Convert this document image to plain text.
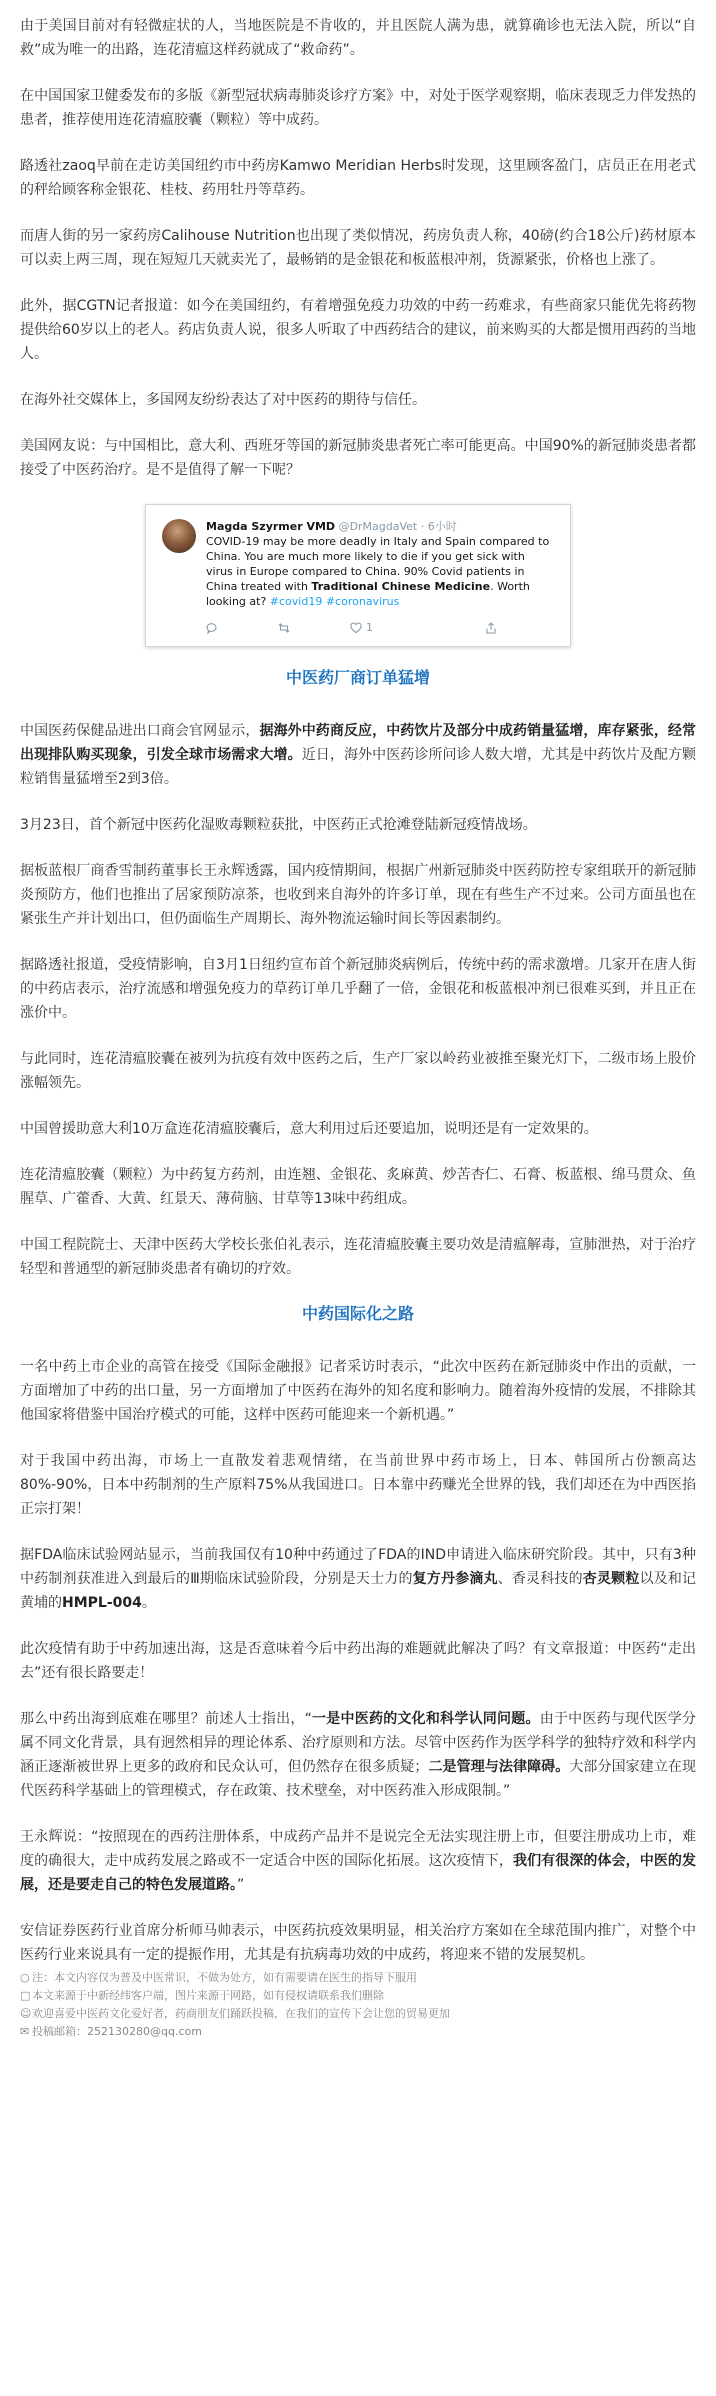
由于美国目前对有轻微症状的人，当地医院是不肯收的，并且医院人满为患，就算确诊也无法入院，所以“自救”成为唯一的出路，连花清瘟这样药就成了“救命药”。

在中国国家卫健委发布的多版《新型冠状病毒肺炎诊疗方案》中，对处于医学观察期，临床表现乏力伴发热的患者，推荐使用连花清瘟胶囊（颗粒）等中成药。

路透社zaoq早前在走访美国纽约市中药房Kamwo Meridian Herbs时发现，这里顾客盈门，店员正在用老式的秤给顾客称金银花、桂枝、药用牡丹等草药。

而唐人街的另一家药房Calihouse Nutrition也出现了类似情况，药房负责人称，40磅(约合18公斤)药材原本可以卖上两三周，现在短短几天就卖光了，最畅销的是金银花和板蓝根冲剂，货源紧张，价格也上涨了。

此外，据CGTN记者报道：如今在美国纽约，有着增强免疫力功效的中药一药难求，有些商家只能优先将药物提供给60岁以上的老人。药店负责人说，很多人听取了中西药结合的建议，前来购买的大都是惯用西药的当地人。

在海外社交媒体上，多国网友纷纷表达了对中医药的期待与信任。

美国网友说：与中国相比，意大利、西班牙等国的新冠肺炎患者死亡率可能更高。中国90%的新冠肺炎患者都接受了中医药治疗。是不是值得了解一下呢？

Magda Szyrmer VMD @DrMagdaVet · 6小时
COVID-19 may be more deadly in Italy and Spain compared to China. You are much more likely to die if you get sick with virus in Europe compared to China. 90% Covid patients in China treated with Traditional Chinese Medicine. Worth looking at? #covid19 #coronavirus
1
中医药厂商订单猛增

中国医药保健品进出口商会官网显示，据海外中药商反应，中药饮片及部分中成药销量猛增，库存紧张，经常出现排队购买现象，引发全球市场需求大增。近日，海外中医药诊所问诊人数大增，尤其是中药饮片及配方颗粒销售量猛增至2到3倍。

3月23日，首个新冠中医药化湿败毒颗粒获批，中医药正式抢滩登陆新冠疫情战场。

据板蓝根厂商香雪制药董事长王永辉透露，国内疫情期间，根据广州新冠肺炎中医药防控专家组联开的新冠肺炎预防方，他们也推出了居家预防凉茶，也收到来自海外的许多订单，现在有些生产不过来。公司方面虽也在紧张生产并计划出口，但仍面临生产周期长、海外物流运输时间长等因素制约。

据路透社报道，受疫情影响，自3月1日纽约宣布首个新冠肺炎病例后，传统中药的需求激增。几家开在唐人街的中药店表示，治疗流感和增强免疫力的草药订单几乎翻了一倍，金银花和板蓝根冲剂已很难买到，并且正在涨价中。

与此同时，连花清瘟胶囊在被列为抗疫有效中医药之后，生产厂家以岭药业被推至聚光灯下，二级市场上股价涨幅领先。

中国曾援助意大利10万盒连花清瘟胶囊后，意大利用过后还要追加，说明还是有一定效果的。

连花清瘟胶囊（颗粒）为中药复方药剂，由连翘、金银花、炙麻黄、炒苦杏仁、石膏、板蓝根、绵马贯众、鱼腥草、广藿香、大黄、红景天、薄荷脑、甘草等13味中药组成。

中国工程院院士、天津中医药大学校长张伯礼表示，连花清瘟胶囊主要功效是清瘟解毒，宣肺泄热，对于治疗轻型和普通型的新冠肺炎患者有确切的疗效。

中药国际化之路

一名中药上市企业的高管在接受《国际金融报》记者采访时表示，“此次中医药在新冠肺炎中作出的贡献，一方面增加了中药的出口量，另一方面增加了中医药在海外的知名度和影响力。随着海外疫情的发展，不排除其他国家将借鉴中国治疗模式的可能，这样中医药可能迎来一个新机遇。”

对于我国中药出海，市场上一直散发着悲观情绪，在当前世界中药市场上，日本、韩国所占份额高达80%-90%，日本中药制剂的生产原料75%从我国进口。日本靠中药赚光全世界的钱，我们却还在为中西医掐正宗打架！

据FDA临床试验网站显示，当前我国仅有10种中药通过了FDA的IND申请进入临床研究阶段。其中，只有3种中药制剂获准进入到最后的Ⅲ期临床试验阶段，分别是天士力的复方丹参滴丸、香灵科技的杏灵颗粒以及和记黄埔的HMPL-004。

此次疫情有助于中药加速出海，这是否意味着今后中药出海的难题就此解决了吗？有文章报道：中医药“走出去”还有很长路要走！

那么中药出海到底难在哪里？前述人士指出，“一是中医药的文化和科学认同问题。由于中医药与现代医学分属不同文化背景，具有迥然相异的理论体系、治疗原则和方法。尽管中医药作为医学科学的独特疗效和科学内涵正逐渐被世界上更多的政府和民众认可，但仍然存在很多质疑；二是管理与法律障碍。大部分国家建立在现代医药科学基础上的管理模式，存在政策、技术壁垒，对中医药准入形成限制。”

王永辉说：“按照现在的西药注册体系，中成药产品并不是说完全无法实现注册上市，但要注册成功上市，难度的确很大，走中成药发展之路或不一定适合中医的国际化拓展。这次疫情下，我们有很深的体会，中医的发展，还是要走自己的特色发展道路。”

安信证券医药行业首席分析师马帅表示，中医药抗疫效果明显，相关治疗方案如在全球范围内推广，对整个中医药行业来说具有一定的提振作用，尤其是有抗病毒功效的中成药，将迎来不错的发展契机。

○ 注：本文内容仅为普及中医常识，不做为处方，如有需要请在医生的指导下服用

□ 本文来源于中新经纬客户端，图片来源于网路，如有侵权请联系我们删除

☺欢迎喜爱中医药文化爱好者，药商朋友们踊跃投稿，在我们的宣传下会让您的贸易更加

✉ 投稿邮箱：252130280@qq.com
